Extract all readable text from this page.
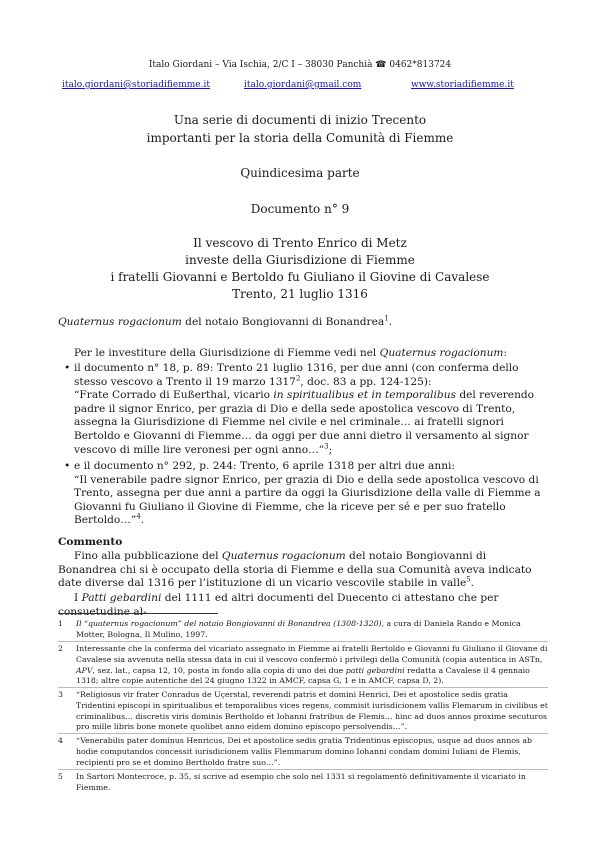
Italo Giordani – Via Ischia, 2/C I – 38030 Panchià ☎ 0462*813724
italo.giordani@storiadifiemme.it	italo.giordani@gmail.com	www.storiadifiemme.it
Una serie di documenti di inizio Trecento
importanti per la storia della Comunità di Fiemme
Quindicesima parte
Documento n° 9
Il vescovo di Trento Enrico di Metz
investe della Giurisdizione di Fiemme
i fratelli Giovanni e Bertoldo fu Giuliano il Giovine di Cavalese
Trento, 21 luglio 1316
Quaternus rogacionum del notaio Bongiovanni di Bonandrea$^1$.
Per le investiture della Giurisdizione di Fiemme vedi nel Quaternus rogacionum:
• il documento n° 18, p. 89: Trento 21 luglio 1316, per due anni (con conferma dello stesso vescovo a Trento il 19 marzo 1317$^2$, doc. 83 a pp. 124-125):
“Frate Corrado di Eußerthal, vicario in spiritualibus et in temporalibus del reverendo padre il signor Enrico, per grazia di Dio e della sede apostolica vescovo di Trento, assegna la Giurisdizione di Fiemme nel civile e nel criminale… ai fratelli signori Bertoldo e Giovanni di Fiemme… da oggi per due anni dietro il versamento al signor vescovo di mille lire veronesi per ogni anno…”$^3$;
• e il documento n° 292, p. 244: Trento, 6 aprile 1318 per altri due anni:
“Il venerabile padre signor Enrico, per grazia di Dio e della sede apostolica vescovo di Trento, assegna per due anni a partire da oggi la Giurisdizione della valle di Fiemme a Giovanni fu Giuliano il Giovine di Fiemme, che la riceve per sé e per suo fratello Bertoldo…”$^4$.
Commento
Fino alla pubblicazione del Quaternus rogacionum del notaio Bongiovanni di Bonandrea chi si è occupato della storia di Fiemme e della sua Comunità aveva indicato date diverse dal 1316 per l’istituzione di un vicario vescovile stabile in valle$^5$.
I Patti gebardini del 1111 ed altri documenti del Duecento ci attestano che per consuetudine al-
1 Il “quaternus rogacionum” del notaio Bongiovanni di Bonandrea (1308-1320), a cura di Daniela Rando e Monica Motter, Bologna, Il Mulino, 1997.
2 Interessante che la conferma del vicariato assegnato in Fiemme ai fratelli Bertoldo e Giovanni fu Giuliano il Giovane di Cavalese sia avvenuta nella stessa data in cui il vescovo confermò i privilegi della Comunità (copia autentica in ASTn, APV, sez. lat., capsa 12, 10, posta in fondo alla copia di uno dei due patti gebardini redatta a Cavalese il 4 gennaio 1318; altre copie autentiche del 24 giugno 1322 in AMCF, capsa G, 1 e in AMCF, capsa D, 2).
3 “Religiosus vir frater Conradus de Uçerstal, reverendi patris et domini Henrici, Dei et apostolice sedis gratia Tridentini episcopi in spiritualibus et temporalibus vices regens, commisit iurisdicionem vallis Flemarum in civilibus et criminalibus… discretis viris dominis Bertholdo et Iohanni fratribus de Flemis… hinc ad duos annos proxime secuturos pro mille libris bone monete quolibet anno eidem domino episcopo persolvendis…”.
4 “Venerabilis pater dominus Henricus, Dei et apostolice sedis gratia Tridentinus episcopus, usque ad duos annos ab hodie computandos concessit iurisdicionem vallis Flemmarum domino Iohanni condam domini Iuliani de Flemis, recipienti pro se et domino Bertholdo fratre suo…”.
5 In Sartori Montecroce, p. 35, si scrive ad esempio che solo nel 1331 si regolamentò definitivamente il vicariato in Fiemme.
